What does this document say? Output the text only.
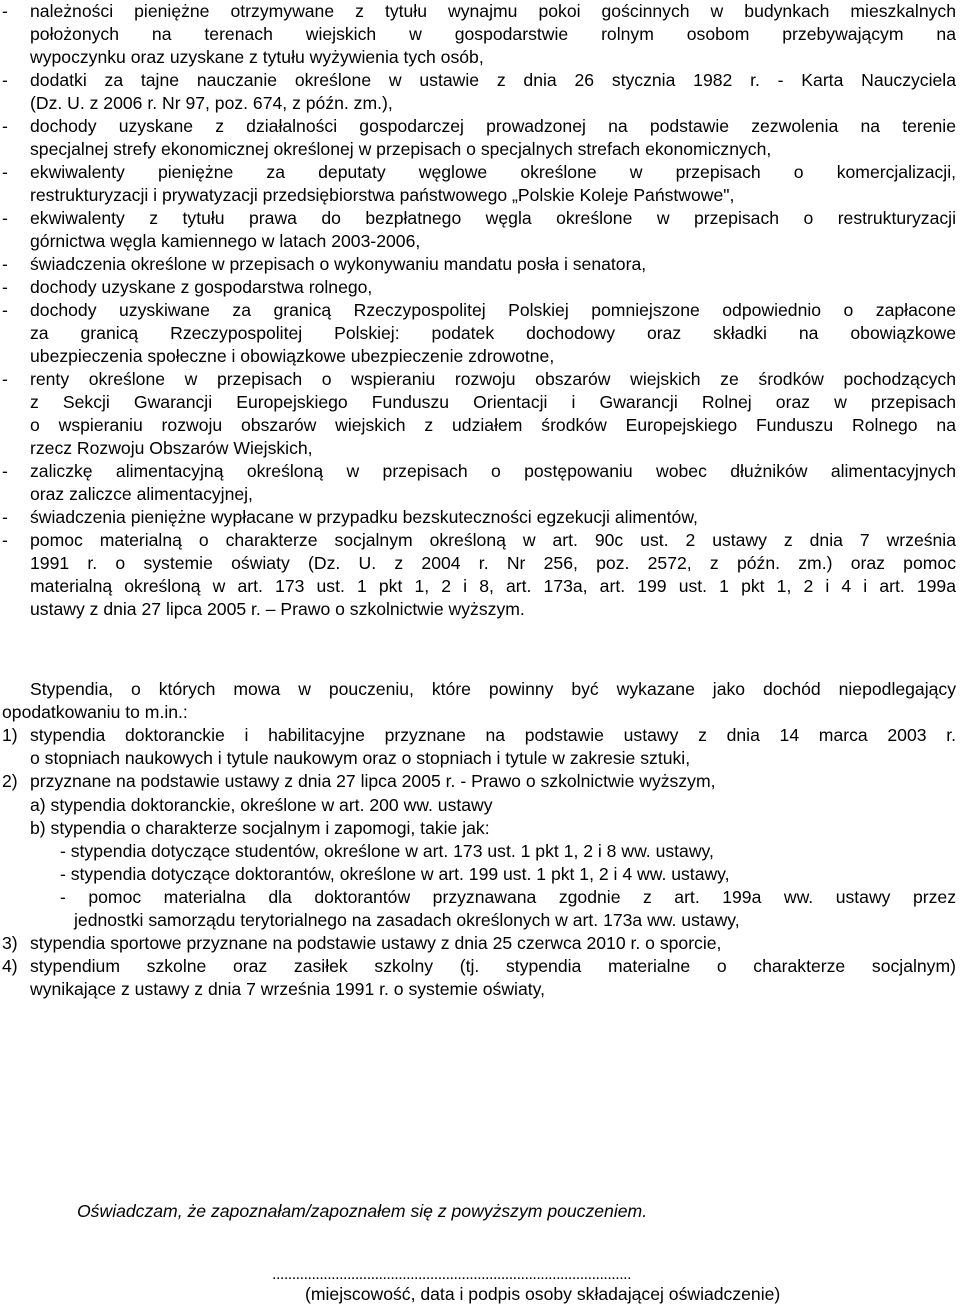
- należności pieniężne otrzymywane z tytułu wynajmu pokoi gościnnych w budynkach mieszkalnych
położonych na terenach wiejskich w gospodarstwie rolnym osobom przebywającym na
wypoczynku oraz uzyskane z tytułu wyżywienia tych osób,
- dodatki za tajne nauczanie określone w ustawie z dnia 26 stycznia 1982 r. - Karta Nauczyciela
(Dz. U. z 2006 r. Nr 97, poz. 674, z późn. zm.),
- dochody uzyskane z działalności gospodarczej prowadzonej na podstawie zezwolenia na terenie
specjalnej strefy ekonomicznej określonej w przepisach o specjalnych strefach ekonomicznych,
- ekwiwalenty pieniężne za deputaty węglowe określone w przepisach o komercjalizacji,
restrukturyzacji i prywatyzacji przedsiębiorstwa państwowego „Polskie Koleje Państwowe",
- ekwiwalenty z tytułu prawa do bezpłatnego węgla określone w przepisach o restrukturyzacji
górnictwa węgla kamiennego w latach 2003-2006,
- świadczenia określone w przepisach o wykonywaniu mandatu posła i senatora,
- dochody uzyskane z gospodarstwa rolnego,
- dochody uzyskiwane za granicą Rzeczypospolitej Polskiej pomniejszone odpowiednio o zapłacone
za granicą Rzeczypospolitej Polskiej: podatek dochodowy oraz składki na obowiązkowe
ubezpieczenia społeczne i obowiązkowe ubezpieczenie zdrowotne,
- renty określone w przepisach o wspieraniu rozwoju obszarów wiejskich ze środków pochodzących
z Sekcji Gwarancji Europejskiego Funduszu Orientacji i Gwarancji Rolnej oraz w przepisach
o wspieraniu rozwoju obszarów wiejskich z udziałem środków Europejskiego Funduszu Rolnego na
rzecz Rozwoju Obszarów Wiejskich,
- zaliczkę alimentacyjną określoną w przepisach o postępowaniu wobec dłużników alimentacyjnych
oraz zaliczce alimentacyjnej,
- świadczenia pieniężne wypłacane w przypadku bezskuteczności egzekucji alimentów,
- pomoc materialną o charakterze socjalnym określoną w art. 90c ust. 2 ustawy z dnia 7 września
1991 r. o systemie oświaty (Dz. U. z 2004 r. Nr 256, poz. 2572, z późn. zm.) oraz pomoc
materialną określoną w art. 173 ust. 1 pkt 1, 2 i 8, art. 173a, art. 199 ust. 1 pkt 1, 2 i 4 i art. 199a
ustawy z dnia 27 lipca 2005 r. – Prawo o szkolnictwie wyższym.
Stypendia, o których mowa w pouczeniu, które powinny być wykazane jako dochód niepodlegający
opodatkowaniu to m.in.:
1) stypendia doktoranckie i habilitacyjne przyznane na podstawie ustawy z dnia 14 marca 2003 r.
o stopniach naukowych i tytule naukowym oraz o stopniach i tytule w zakresie sztuki,
2) przyznane na podstawie ustawy z dnia 27 lipca 2005 r. - Prawo o szkolnictwie wyższym,
a) stypendia doktoranckie, określone w art. 200 ww. ustawy
b) stypendia o charakterze socjalnym i zapomogi, takie jak:
- stypendia dotyczące studentów, określone w art. 173 ust. 1 pkt 1, 2 i 8 ww. ustawy,
- stypendia dotyczące doktorantów, określone w art. 199 ust. 1 pkt 1, 2 i 4 ww. ustawy,
- pomoc materialna dla doktorantów przyznawana zgodnie z art. 199a ww. ustawy przez
jednostki samorządu terytorialnego na zasadach określonych w art. 173a ww. ustawy,
3) stypendia sportowe przyznane na podstawie ustawy z dnia 25 czerwca 2010 r. o sporcie,
4) stypendium szkolne oraz zasiłek szkolny (tj. stypendia materialne o charakterze socjalnym)
wynikające z ustawy z dnia 7 września 1991 r. o systemie oświaty,
Oświadczam, że zapoznałam/zapoznałem się z powyższym pouczeniem.
...........................................................................................
(miejscowość, data i podpis osoby składającej oświadczenie)
